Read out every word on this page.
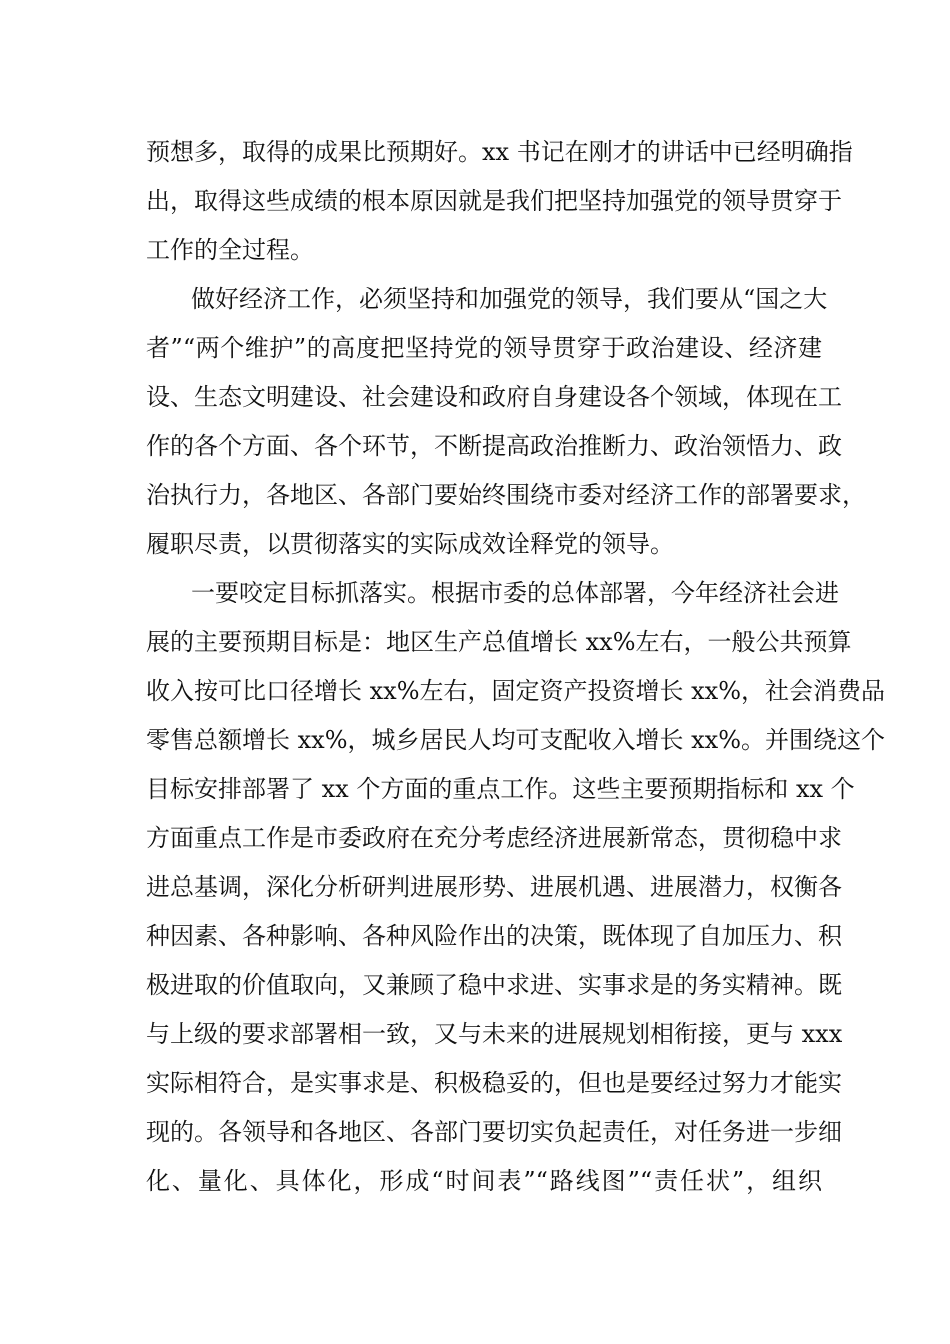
预想多，取得的成果比预期好。xx 书记在刚才的讲话中已经明确指
出，取得这些成绩的根本原因就是我们把坚持加强党的领导贯穿于
工作的全过程。
做好经济工作，必须坚持和加强党的领导，我们要从“国之大
者”“两个维护”的高度把坚持党的领导贯穿于政治建设、经济建
设、生态文明建设、社会建设和政府自身建设各个领域，体现在工
作的各个方面、各个环节，不断提高政治推断力、政治领悟力、政
治执行力，各地区、各部门要始终围绕市委对经济工作的部署要求，
履职尽责，以贯彻落实的实际成效诠释党的领导。
一要咬定目标抓落实。根据市委的总体部署，今年经济社会进
展的主要预期目标是：地区生产总值增长 xx%左右，一般公共预算
收入按可比口径增长 xx%左右，固定资产投资增长 xx%，社会消费品
零售总额增长 xx%，城乡居民人均可支配收入增长 xx%。并围绕这个
目标安排部署了 xx 个方面的重点工作。这些主要预期指标和 xx 个
方面重点工作是市委政府在充分考虑经济进展新常态，贯彻稳中求
进总基调，深化分析研判进展形势、进展机遇、进展潜力，权衡各
种因素、各种影响、各种风险作出的决策，既体现了自加压力、积
极进取的价值取向，又兼顾了稳中求进、实事求是的务实精神。既
与上级的要求部署相一致，又与未来的进展规划相衔接，更与 xxx
实际相符合，是实事求是、积极稳妥的，但也是要经过努力才能实
现的。各领导和各地区、各部门要切实负起责任，对任务进一步细
化、量化、具体化，形成“时间表”“路线图”“责任状”，组织
